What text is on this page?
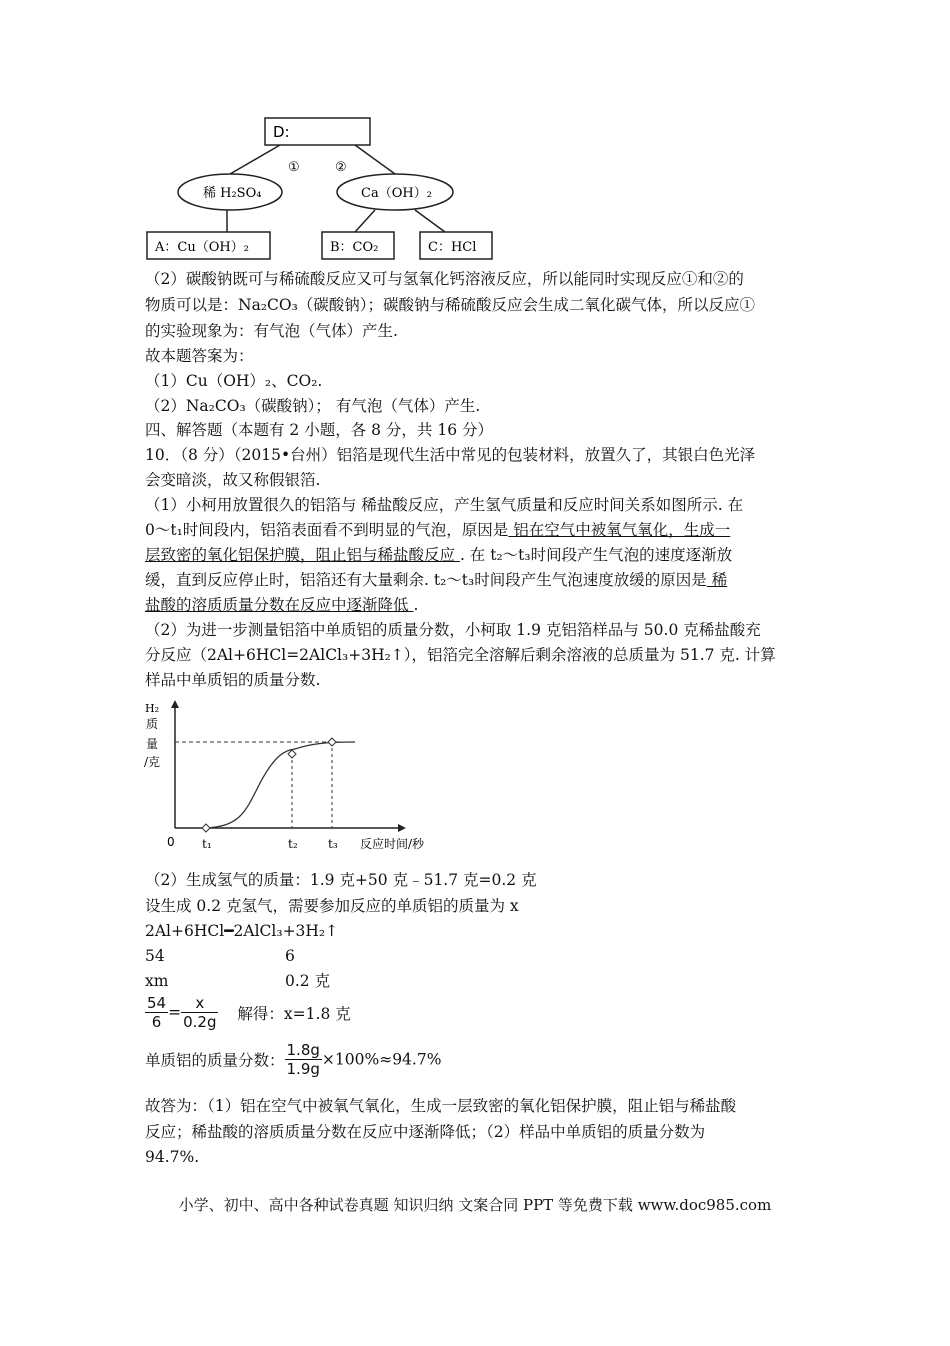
D:
①	②
稀 H₂SO₄	Ca（OH）₂
A：Cu（OH）₂	B：CO₂	C：HCl
（2）碳酸钠既可与稀硫酸反应又可与氢氧化钙溶液反应，所以能同时实现反应①和②的
物质可以是：Na₂CO₃（碳酸钠）；碳酸钠与稀硫酸反应会生成二氧化碳气体，所以反应①
的实验现象为：有气泡（气体）产生.
故本题答案为：
（1）Cu（OH）₂、CO₂.
（2）Na₂CO₃（碳酸钠）； 有气泡（气体）产生.
四、解答题（本题有 2 小题，各 8 分，共 16 分）
10．（8 分）（2015•台州）铝箔是现代生活中常见的包装材料，放置久了，其银白色光泽
会变暗淡，故又称假银箔.
（1）小柯用放置很久的铝箔与 稀盐酸反应，产生氢气质量和反应时间关系如图所示. 在
0～t₁时间段内，铝箔表面看不到明显的气泡，原因是 铝在空气中被氧气氧化，生成一
层致密的氧化铝保护膜，阻止铝与稀盐酸反应 . 在 t₂～t₃时间段产生气泡的速度逐渐放
缓，直到反应停止时，铝箔还有大量剩余. t₂～t₃时间段产生气泡速度放缓的原因是 稀
盐酸的溶质质量分数在反应中逐渐降低 .
（2）为进一步测量铝箔中单质铝的质量分数，小柯取 1.9 克铝箔样品与 50.0 克稀盐酸充
分反应（2Al+6HCl=2AlCl₃+3H₂↑），铝箔完全溶解后剩余溶液的总质量为 51.7 克. 计算
样品中单质铝的质量分数.
H₂
质
量
/克
0 t₁	t₂	t₃ 反应时间/秒
（2）生成氢气的质量：1.9 克+50 克﹣51.7 克=0.2 克
设生成 0.2 克氢气，需要参加反应的单质铝的质量为 x
2Al+6HCl━2AlCl₃+3H₂↑
54	6
xm	0.2 克
$\frac{54}{6} = \frac{x}{0.2g}$ 解得：x=1.8 克
单质铝的质量分数： $\frac{1.8g}{1.9g} \times 100\%\approx 94.7\%$
故答为：（1）铝在空气中被氧气氧化，生成一层致密的氧化铝保护膜，阻止铝与稀盐酸
反应；稀盐酸的溶质质量分数在反应中逐渐降低；（2）样品中单质铝的质量分数为
94.7%.
小学、初中、高中各种试卷真题 知识归纳 文案合同 PPT 等免费下载 www.doc985.com
